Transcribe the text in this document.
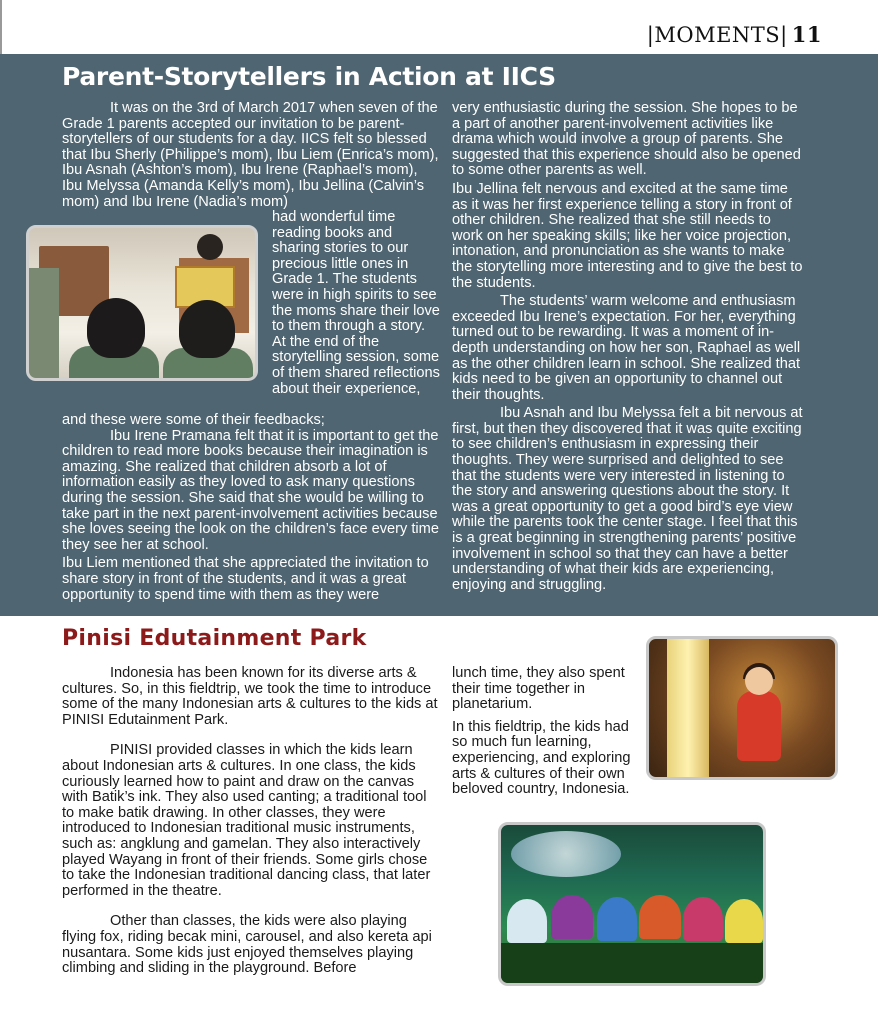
|MOMENTS| 11
Parent-Storytellers in Action at IICS

It was on the 3rd of March 2017 when seven of the Grade 1 parents accepted our invitation to be parent-storytellers of our students for a day. IICS felt so blessed that Ibu Sherly (Philippe’s mom), Ibu Liem (Enrica’s mom), Ibu Asnah (Ashton’s mom), Ibu Irene (Raphael’s mom), Ibu Melyssa (Amanda Kelly’s mom), Ibu Jellina (Calvin’s mom) and Ibu Irene (Nadia’s mom)

had wonderful time reading books and sharing stories to our precious little ones in Grade 1. The students were in high spirits to see the moms share their love to them through a story. At the end of the storytelling session, some of them shared reflections about their experience,

and these were some of their feedbacks;

Ibu Irene Pramana felt that it is important to get the children to read more books because their imagination is amazing. She realized that children absorb a lot of information easily as they loved to ask many questions during the session. She said that she would be willing to take part in the next parent-involvement activities because she loves seeing the look on the children’s face every time they see her at school.

Ibu Liem mentioned that she appreciated the invitation to share story in front of the students, and it was a great opportunity to spend time with them as they were

very enthusiastic during the session. She hopes to be a part of another parent-involvement activities like drama which would involve a group of parents. She suggested that this experience should also be opened to some other parents as well.

Ibu Jellina felt nervous and excited at the same time as it was her first experience telling a story in front of other children. She realized that she still needs to work on her speaking skills; like her voice projection, intonation, and pronunciation as she wants to make the storytelling more interesting and to give the best to the students.

The students’ warm welcome and enthusiasm exceeded Ibu Irene’s expectation. For her, everything turned out to be rewarding. It was a moment of in-depth understanding on how her son, Raphael as well as the other children learn in school. She realized that kids need to be given an opportunity to channel out their thoughts.

Ibu Asnah and Ibu Melyssa felt a bit nervous at first, but then they discovered that it was quite exciting to see children’s enthusiasm in expressing their thoughts. They were surprised and delighted to see that the students were very interested in listening to the story and answering questions about the story. It was a great opportunity to get a good bird’s eye view while the parents took the center stage. I feel that this is a great beginning in strengthening parents’ positive involvement in school so that they can have a better understanding of what their kids are experiencing, enjoying and struggling.

Pinisi Edutainment Park

Indonesia has been known for its diverse arts & cultures. So, in this fieldtrip, we took the time to introduce some of the many Indonesian arts & cultures to the kids at PINISI Edutainment Park.

PINISI provided classes in which the kids learn about Indonesian arts & cultures. In one class, the kids curiously learned how to paint and draw on the canvas with Batik’s ink. They also used canting; a traditional tool to make batik drawing. In other classes, they were introduced to Indonesian traditional music instruments, such as: angklung and gamelan. They also interactively played Wayang in front of their friends. Some girls chose to take the Indonesian traditional dancing class, that later performed in the theatre.

Other than classes, the kids were also playing flying fox, riding becak mini, carousel, and also kereta api nusantara. Some kids just enjoyed themselves playing climbing and sliding in the playground. Before

lunch time, they also spent their time together in planetarium.

In this fieldtrip, the kids had so much fun learning, experiencing, and exploring arts & cultures of their own beloved country, Indonesia.
